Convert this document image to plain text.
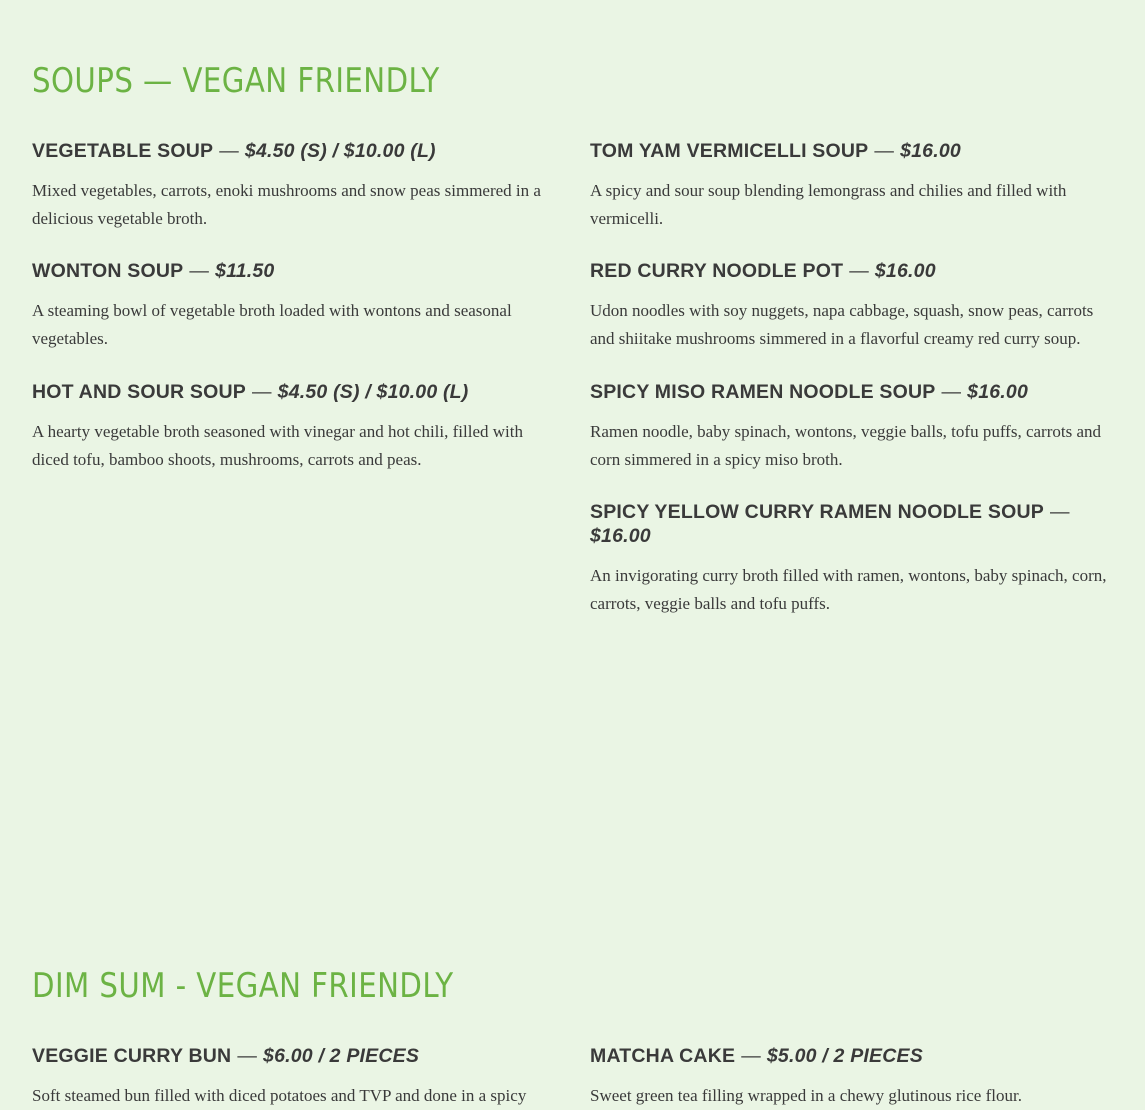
SOUPS — VEGAN FRIENDLY
VEGETABLE SOUP — $4.50 (S) / $10.00 (L)

Mixed vegetables, carrots, enoki mushrooms and snow peas simmered in a delicious vegetable broth.

WONTON SOUP — $11.50

A steaming bowl of vegetable broth loaded with wontons and seasonal vegetables.

HOT AND SOUR SOUP — $4.50 (S) / $10.00 (L)

A hearty vegetable broth seasoned with vinegar and hot chili, filled with diced tofu, bamboo shoots, mushrooms, carrots and peas.

TOM YAM VERMICELLI SOUP — $16.00

A spicy and sour soup blending lemongrass and chilies and filled with vermicelli.

RED CURRY NOODLE POT — $16.00

Udon noodles with soy nuggets, napa cabbage, squash, snow peas, carrots and shiitake mushrooms simmered in a flavorful creamy red curry soup.

SPICY MISO RAMEN NOODLE SOUP — $16.00

Ramen noodle, baby spinach, wontons, veggie balls, tofu puffs, carrots and corn simmered in a spicy miso broth.

SPICY YELLOW CURRY RAMEN NOODLE SOUP —$16.00

An invigorating curry broth filled with ramen, wontons, baby spinach, corn, carrots, veggie balls and tofu puffs.

DIM SUM - VEGAN FRIENDLY
VEGGIE CURRY BUN — $6.00 / 2 PIECES

Soft steamed bun filled with diced potatoes and TVP and done in a spicy

MATCHA CAKE — $5.00 / 2 PIECES

Sweet green tea filling wrapped in a chewy glutinous rice flour.
